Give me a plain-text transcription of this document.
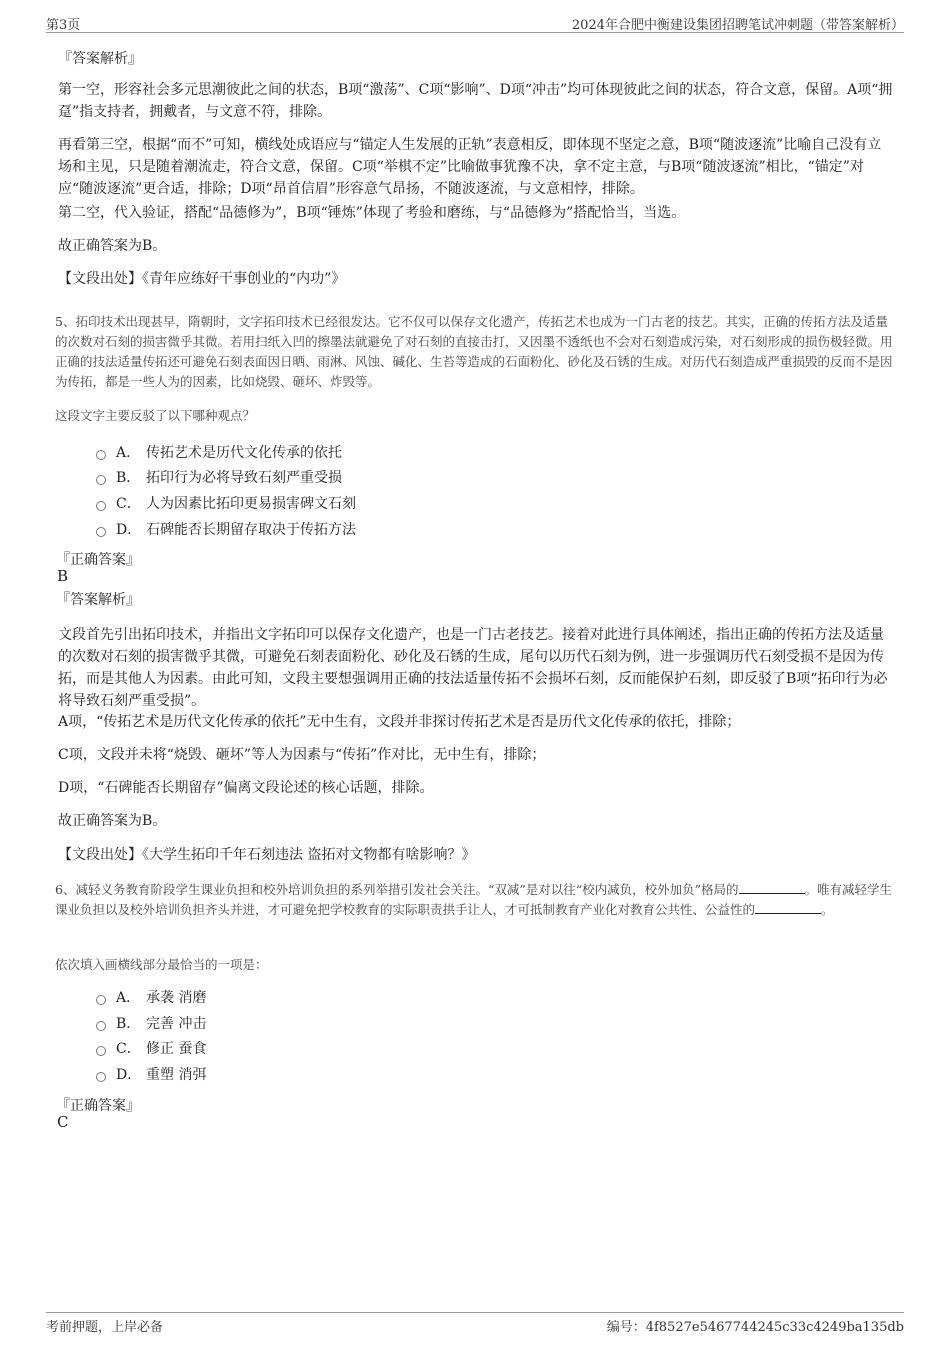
第3页	2024年合肥中衡建设集团招聘笔试冲刺题（带答案解析）
『答案解析』
第一空，形容社会多元思潮彼此之间的状态，B项“激荡”、C项“影响”、D项“冲击”均可体现彼此之间的状态，符合文意，保留。A项“拥趸”指支持者，拥戴者，与文意不符，排除。
再看第三空，根据“而不”可知，横线处成语应与“锚定人生发展的正轨”表意相反，即体现不坚定之意，B项“随波逐流”比喻自己没有立场和主见，只是随着潮流走，符合文意，保留。C项“举棋不定”比喻做事犹豫不决，拿不定主意，与B项“随波逐流”相比，“锚定”对应“随波逐流”更合适，排除；D项“昂首信眉”形容意气昂扬，不随波逐流，与文意相悖，排除。
第二空，代入验证，搭配“品德修为”，B项“锤炼”体现了考验和磨练，与“品德修为”搭配恰当，当选。
故正确答案为B。
【文段出处】《青年应练好干事创业的“内功”》
5、拓印技术出现甚早，隋朝时，文字拓印技术已经很发达。它不仅可以保存文化遗产，传拓艺术也成为一门古老的技艺。其实，正确的传拓方法及适量的次数对石刻的损害微乎其微。若用扫纸入凹的擦墨法就避免了对石刻的直接击打，又因墨不透纸也不会对石刻造成污染，对石刻形成的损伤极轻微。用正确的技法适量传拓还可避免石刻表面因日晒、雨淋、风蚀、碱化、生苔等造成的石面粉化、砂化及石锈的生成。对历代石刻造成严重损毁的反而不是因为传拓，都是一些人为的因素，比如烧毁、砸坏、炸毁等。
这段文字主要反驳了以下哪种观点？
A． 传拓艺术是历代文化传承的依托
B． 拓印行为必将导致石刻严重受损
C． 人为因素比拓印更易损害碑文石刻
D． 石碑能否长期留存取决于传拓方法
『正确答案』
B
『答案解析』
文段首先引出拓印技术，并指出文字拓印可以保存文化遗产，也是一门古老技艺。接着对此进行具体阐述，指出正确的传拓方法及适量的次数对石刻的损害微乎其微，可避免石刻表面粉化、砂化及石锈的生成，尾句以历代石刻为例，进一步强调历代石刻受损不是因为传拓，而是其他人为因素。由此可知，文段主要想强调用正确的技法适量传拓不会损坏石刻，反而能保护石刻，即反驳了B项“拓印行为必将导致石刻严重受损”。
A项，“传拓艺术是历代文化传承的依托”无中生有，文段并非探讨传拓艺术是否是历代文化传承的依托，排除；
C项，文段并未将“烧毁、砸坏”等人为因素与“传拓”作对比，无中生有，排除；
D项，“石碑能否长期留存”偏离文段论述的核心话题，排除。
故正确答案为B。
【文段出处】《大学生拓印千年石刻违法 盗拓对文物都有啥影响？》
6、减轻义务教育阶段学生课业负担和校外培训负担的系列举措引发社会关注。“双减”是对以往“校内减负，校外加负”格局的	。唯有减轻学生课业负担以及校外培训负担齐头并进，才可避免把学校教育的实际职责拱手让人，才可抵制教育产业化对教育公共性、公益性的	。
依次填入画横线部分最恰当的一项是：
A． 承袭 消磨
B． 完善 冲击
C． 修正 蚕食
D． 重塑 消弭
『正确答案』
C
考前押题，上岸必备	编号：4f8527e5467744245c33c4249ba135db
